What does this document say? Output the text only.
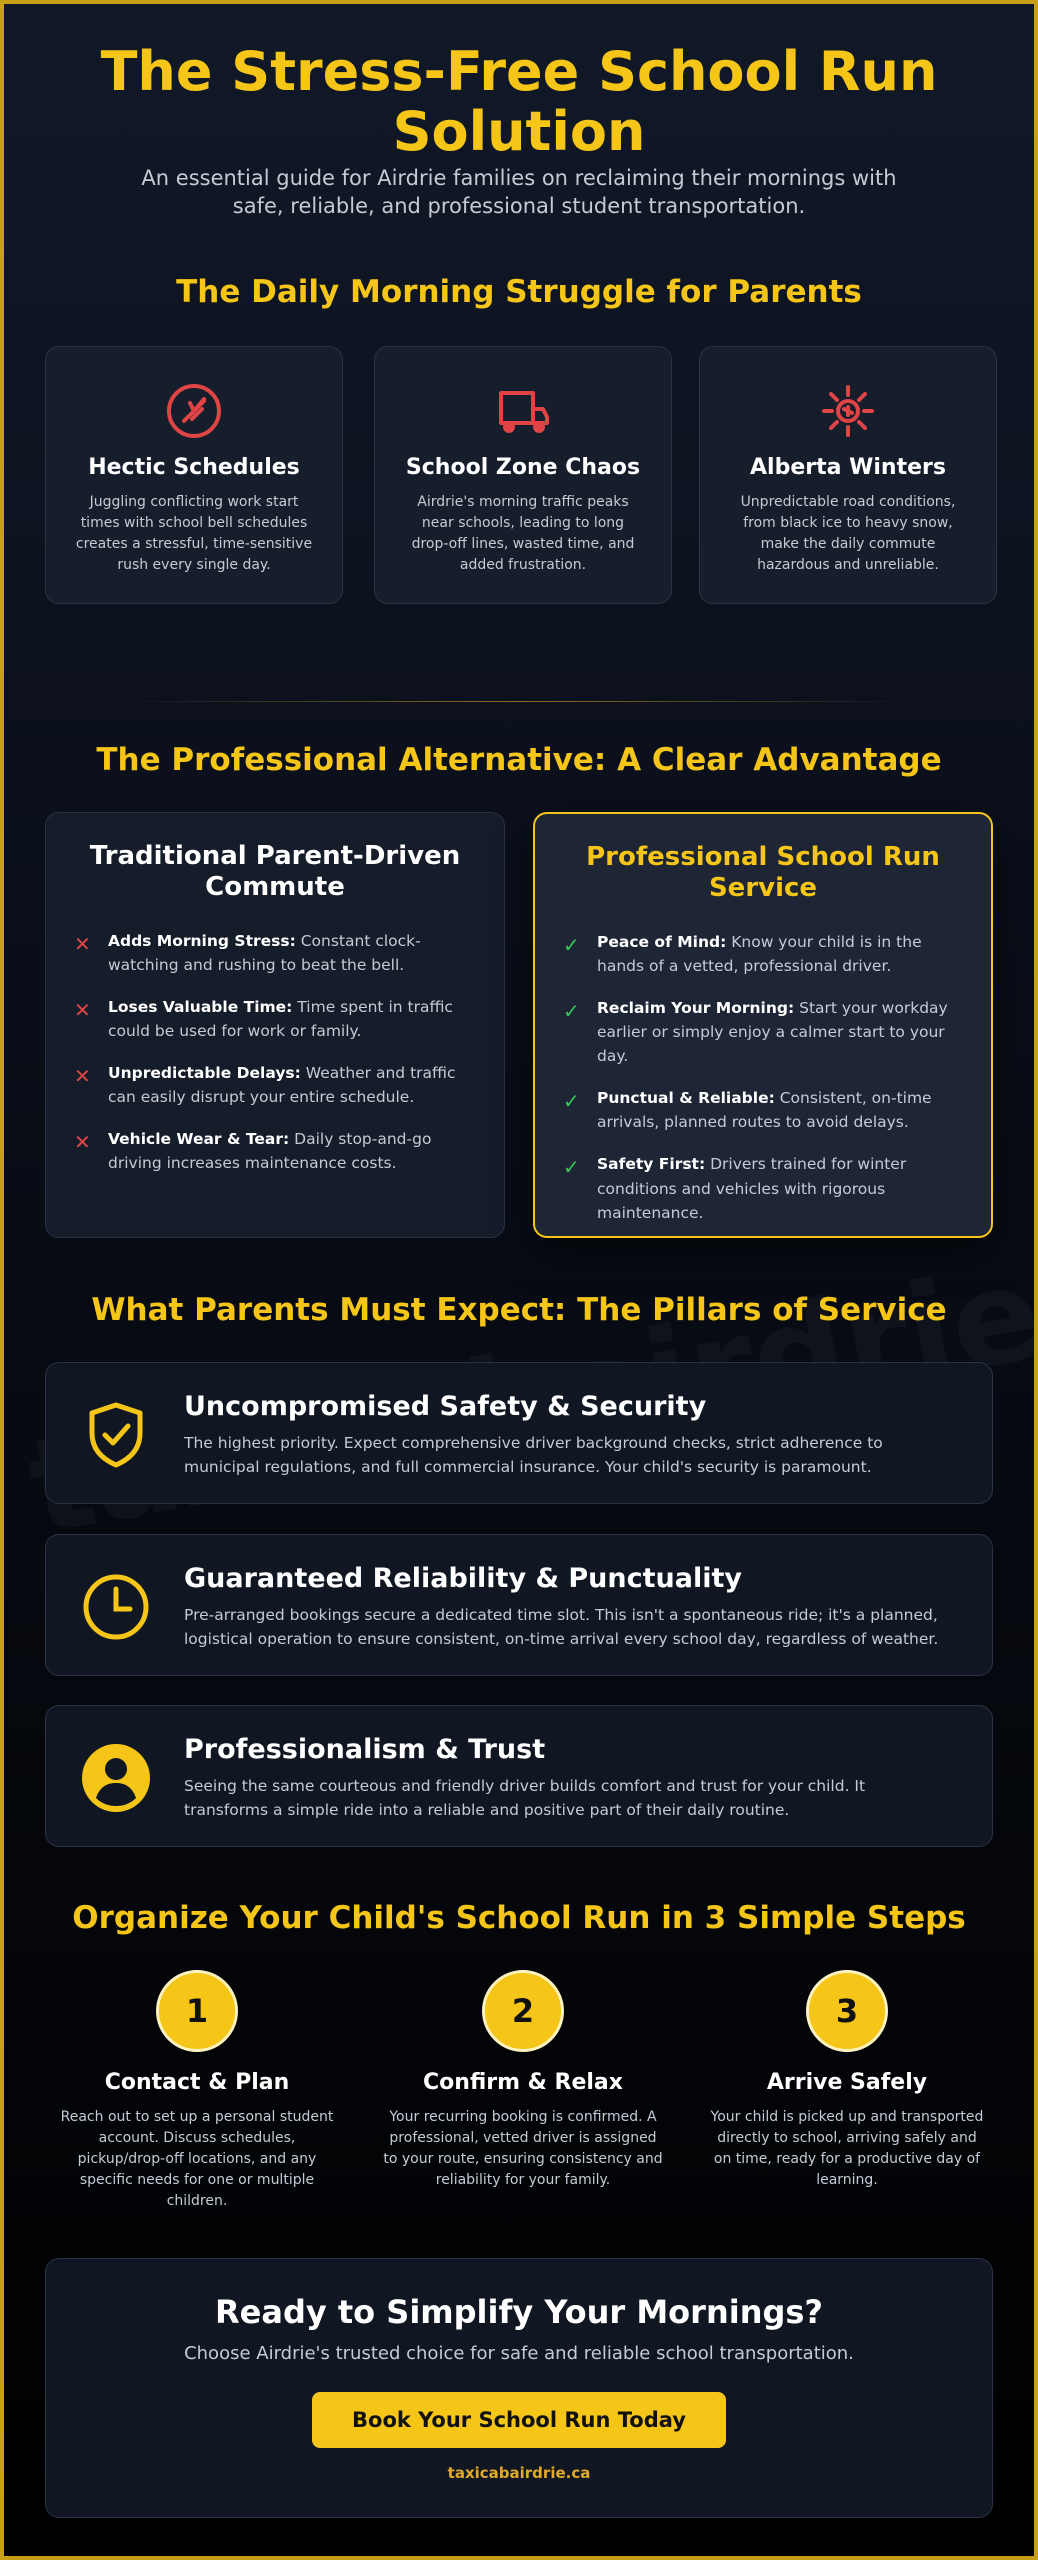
The Stress-Free School Run Solution

An essential guide for Airdrie families on reclaiming their mornings with safe, reliable, and professional student transportation.

The Daily Morning Struggle for Parents
Hectic Schedules

Juggling conflicting work start times with school bell schedules creates a stressful, time-sensitive rush every single day.

School Zone Chaos

Airdrie's morning traffic peaks near schools, leading to long drop-off lines, wasted time, and added frustration.

Alberta Winters

Unpredictable road conditions, from black ice to heavy snow, make the daily commute hazardous and unreliable.

The Professional Alternative: A Clear Advantage
Traditional Parent-Driven Commute
✕ Adds Morning Stress: Constant clock-watching and rushing to beat the bell.
✕ Loses Valuable Time: Time spent in traffic could be used for work or family.
✕ Unpredictable Delays: Weather and traffic can easily disrupt your entire schedule.
✕ Vehicle Wear & Tear: Daily stop-and-go driving increases maintenance costs.
Professional School Run Service
✓ Peace of Mind: Know your child is in the hands of a vetted, professional driver.
✓ Reclaim Your Morning: Start your workday earlier or simply enjoy a calmer start to your day.
✓ Punctual & Reliable: Consistent, on-time arrivals, planned routes to avoid delays.
✓ Safety First: Drivers trained for winter conditions and vehicles with rigorous maintenance.
What Parents Must Expect: The Pillars of Service
Uncompromised Safety & Security

The highest priority. Expect comprehensive driver background checks, strict adherence to municipal regulations, and full commercial insurance. Your child's security is paramount.

Guaranteed Reliability & Punctuality

Pre-arranged bookings secure a dedicated time slot. This isn't a spontaneous ride; it's a planned, logistical operation to ensure consistent, on-time arrival every school day, regardless of weather.

Professionalism & Trust

Seeing the same courteous and friendly driver builds comfort and trust for your child. It transforms a simple ride into a reliable and positive part of their daily routine.

Organize Your Child's School Run in 3 Simple Steps
1
Contact & Plan

Reach out to set up a personal student account. Discuss schedules, pickup/drop-off locations, and any specific needs for one or multiple children.

2
Confirm & Relax

Your recurring booking is confirmed. A professional, vetted driver is assigned to your route, ensuring consistency and reliability for your family.

3
Arrive Safely

Your child is picked up and transported directly to school, arriving safely and on time, ready for a productive day of learning.

Ready to Simplify Your Mornings?

Choose Airdrie's trusted choice for safe and reliable school transportation.

Book Your School Run Today
taxicabairdrie.ca
